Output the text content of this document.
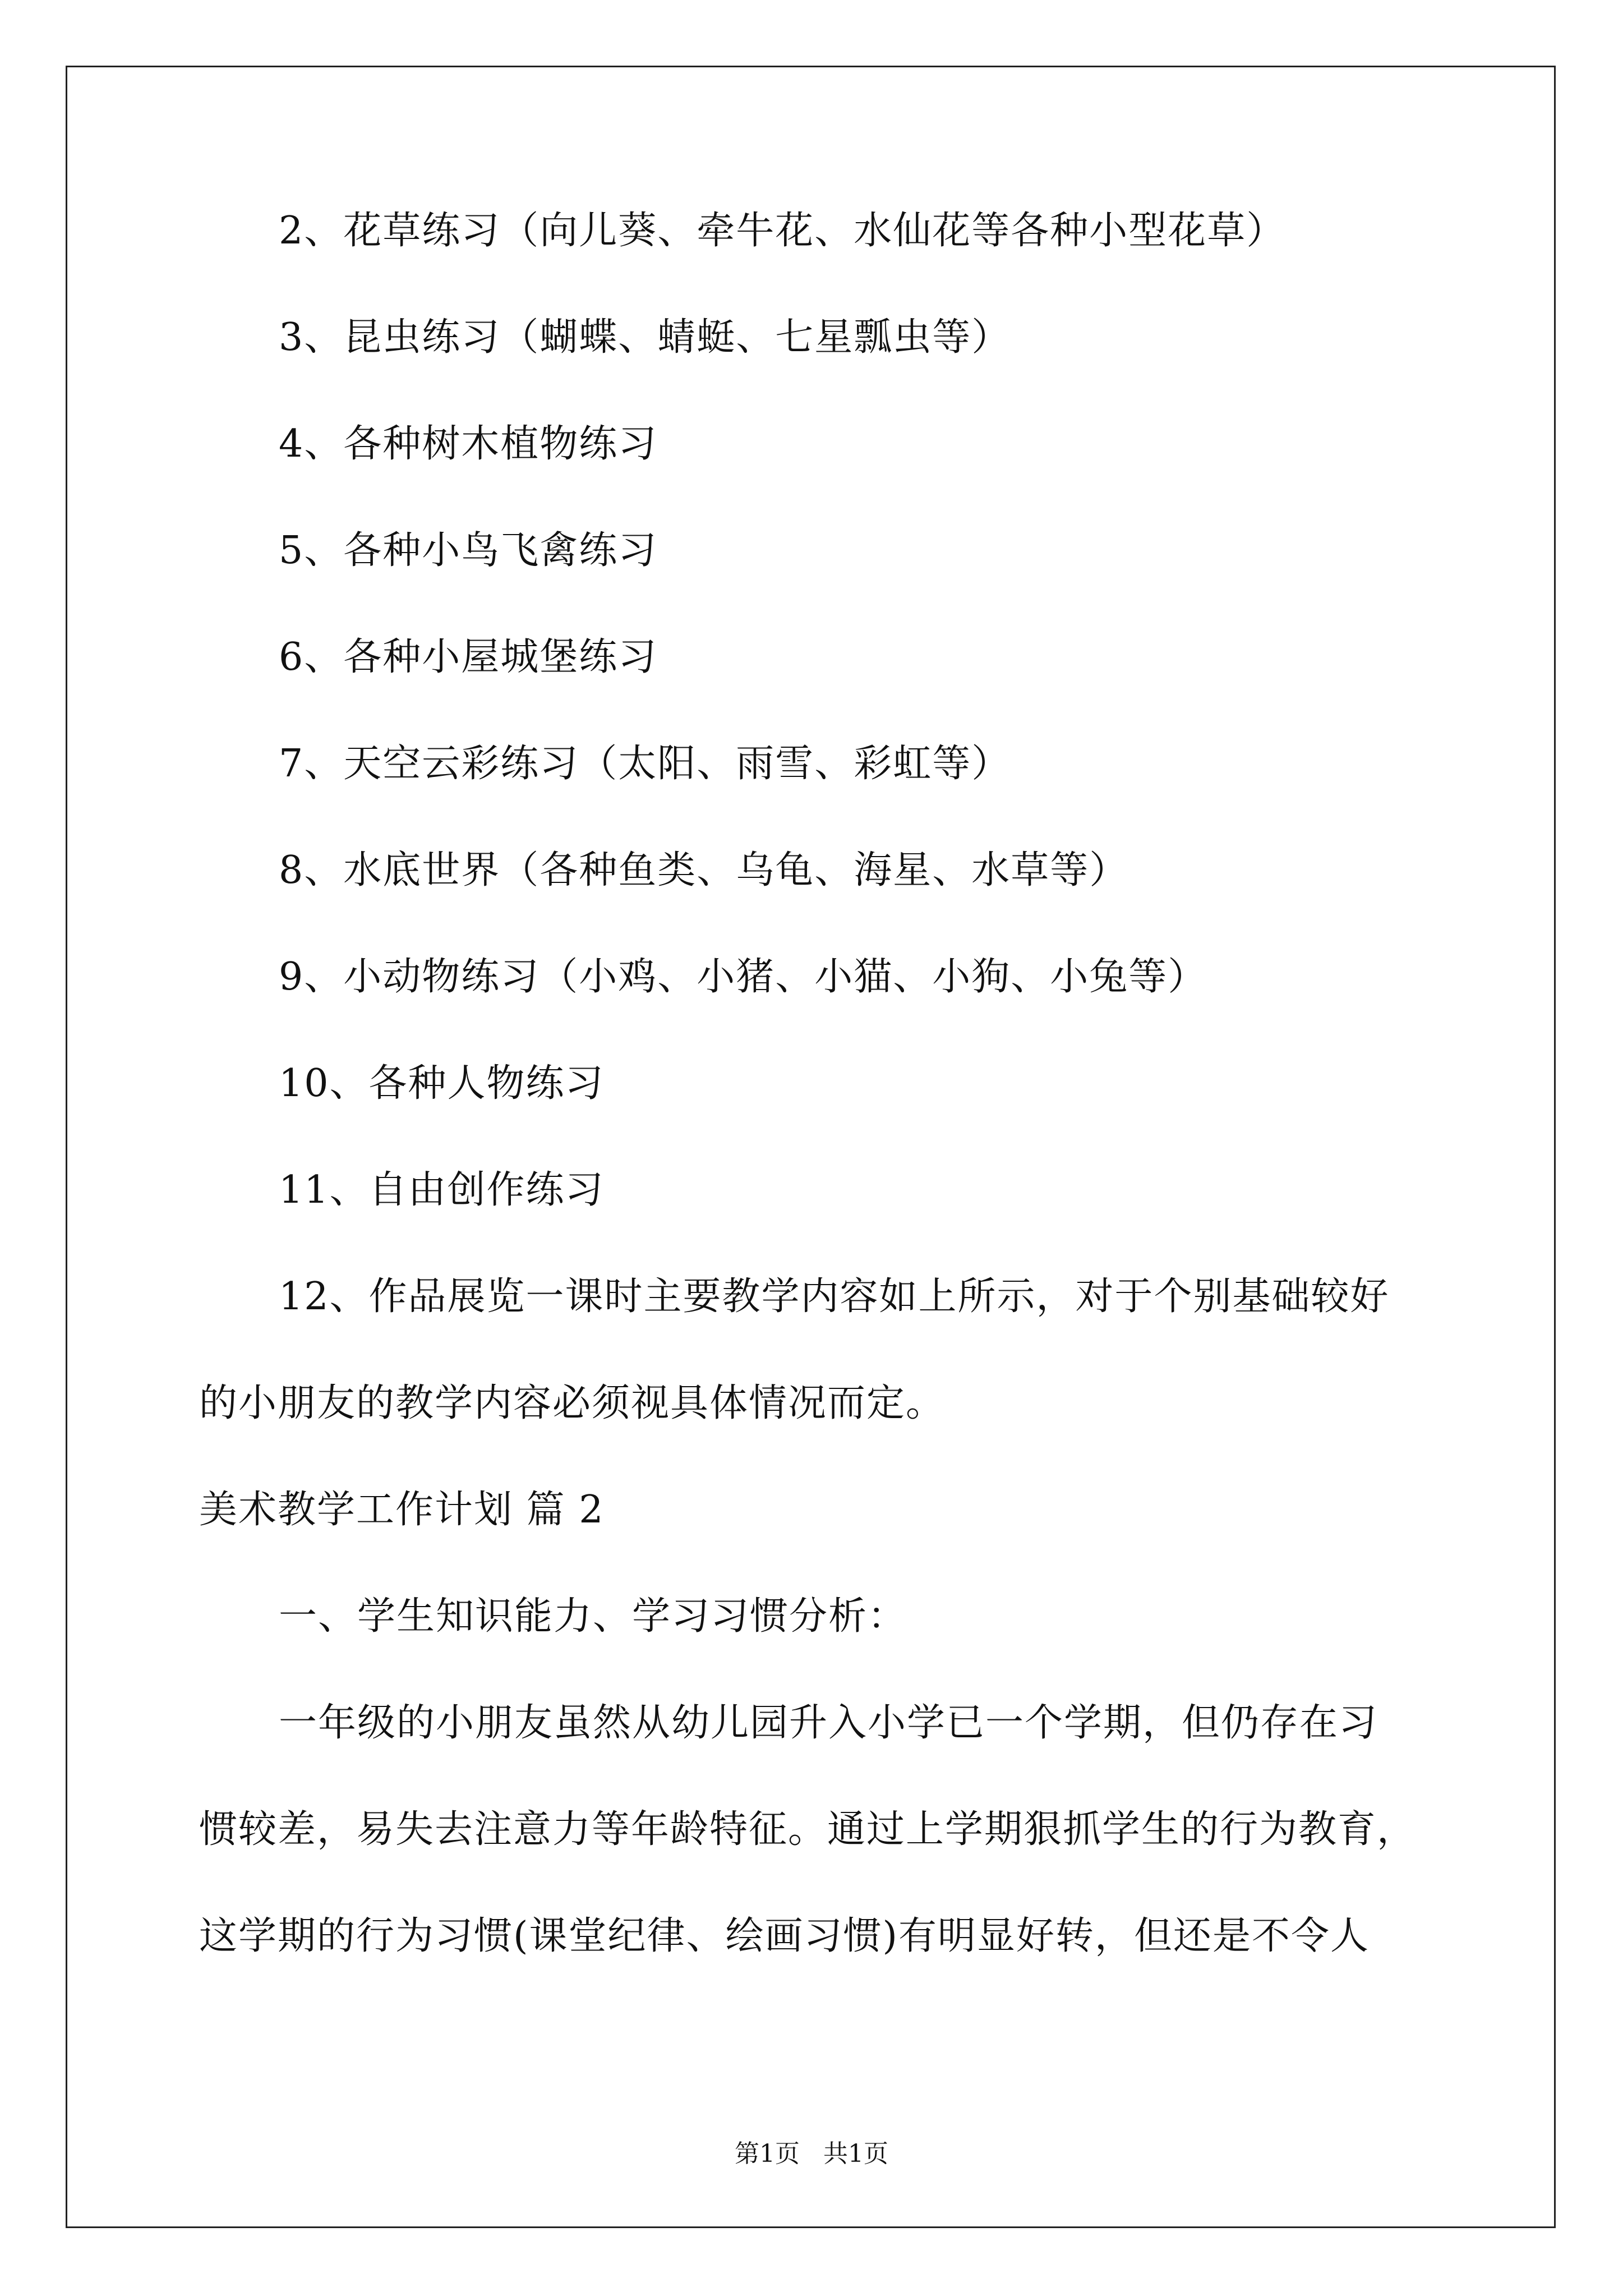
2、花草练习（向儿葵、牵牛花、水仙花等各种小型花草）
3、昆虫练习（蝴蝶、蜻蜓、七星瓢虫等）
4、各种树木植物练习
5、各种小鸟飞禽练习
6、各种小屋城堡练习
7、天空云彩练习（太阳、雨雪、彩虹等）
8、水底世界（各种鱼类、乌龟、海星、水草等）
9、小动物练习（小鸡、小猪、小猫、小狗、小兔等）
10、各种人物练习
11、自由创作练习
12、作品展览一课时主要教学内容如上所示，对于个别基础较好
的小朋友的教学内容必须视具体情况而定。
美术教学工作计划 篇 2
一、学生知识能力、学习习惯分析：
一年级的小朋友虽然从幼儿园升入小学已一个学期，但仍存在习
惯较差，易失去注意力等年龄特征。通过上学期狠抓学生的行为教育，
这学期的行为习惯(课堂纪律、绘画习惯)有明显好转，但还是不令人
第1页   共1页
